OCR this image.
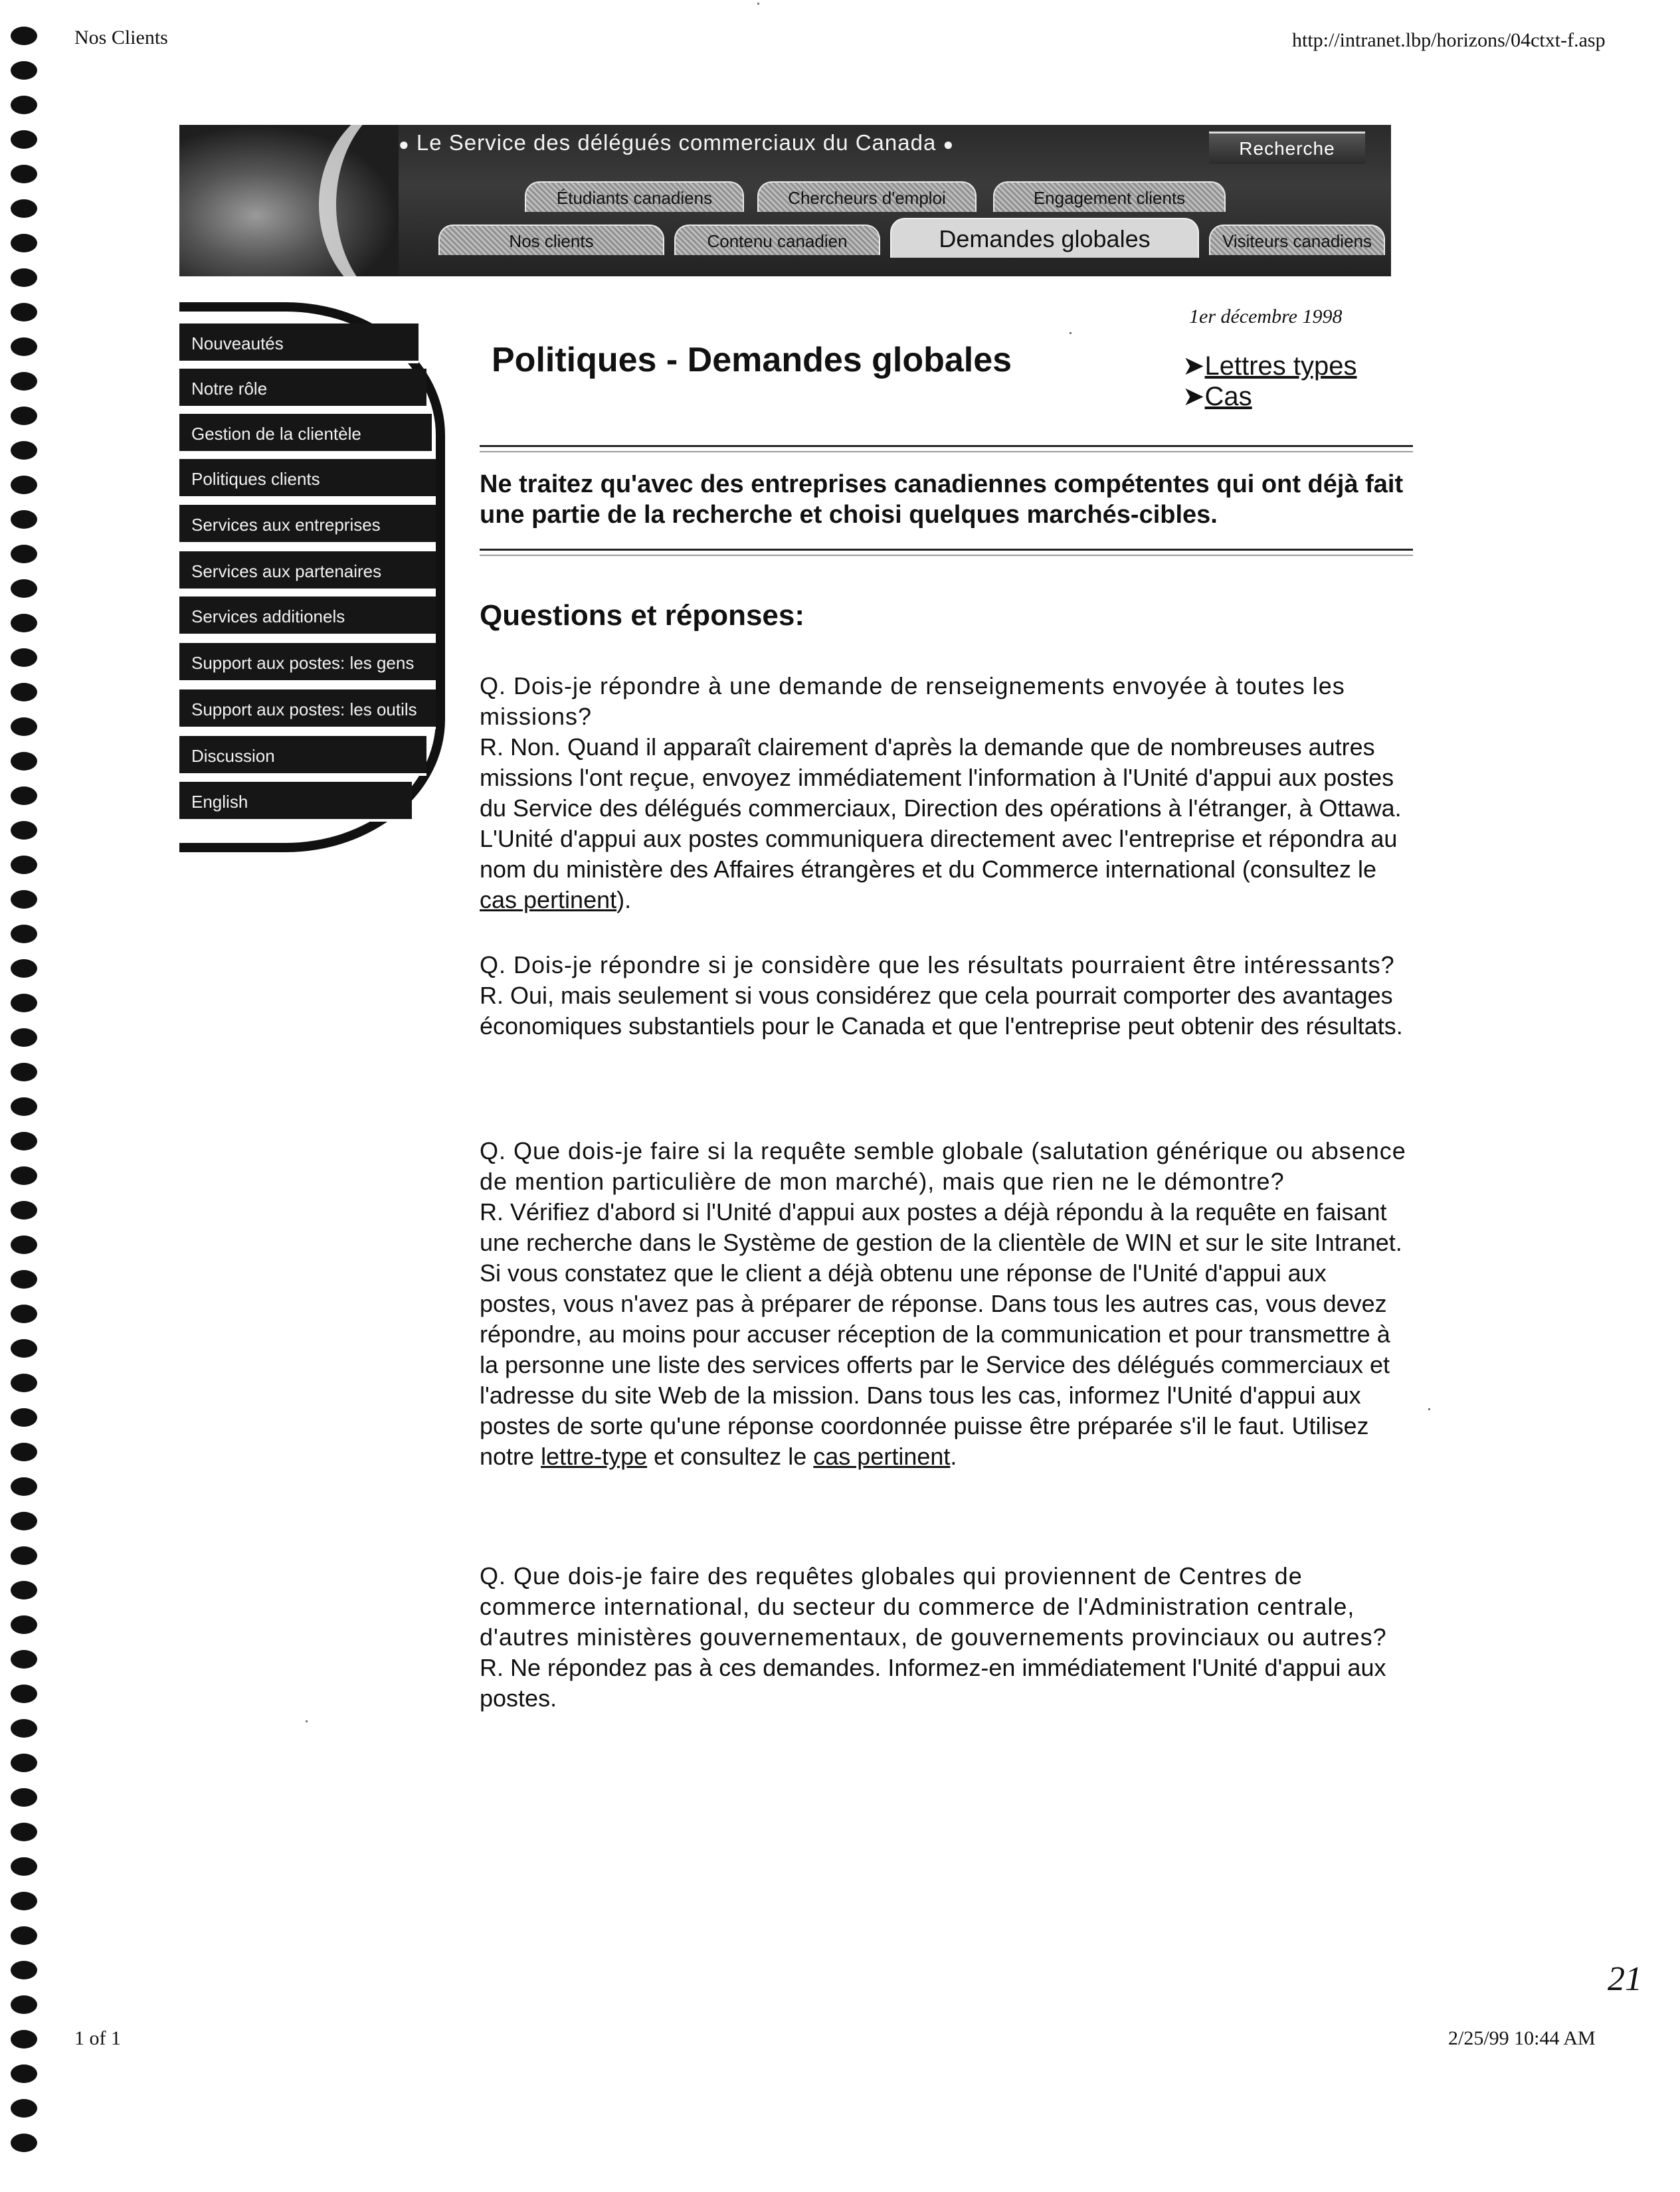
Nos Clients	http://intranet.lbp/horizons/04ctxt-f.asp
● Le Service des délégués commerciaux du Canada ●	Recherche
Étudiants canadiens	Chercheurs d'emploi	Engagement clients
Nos clients	Contenu canadien	Demandes globales	Visiteurs canadiens
Nouveautés
Notre rôle
Gestion de la clientèle
Politiques clients
Services aux entreprises
Services aux partenaires
Services additionels
Support aux postes: les gens
Support aux postes: les outils
Discussion
English
1er décembre 1998
Politiques - Demandes globales	➤Lettres types
➤Cas
Ne traitez qu'avec des entreprises canadiennes compétentes qui ont déjà fait une partie de la recherche et choisi quelques marchés-cibles.
Questions et réponses:
Q. Dois-je répondre à une demande de renseignements envoyée à toutes les missions?
R. Non. Quand il apparaît clairement d'après la demande que de nombreuses autres missions l'ont reçue, envoyez immédiatement l'information à l'Unité d'appui aux postes du Service des délégués commerciaux, Direction des opérations à l'étranger, à Ottawa. L'Unité d'appui aux postes communiquera directement avec l'entreprise et répondra au nom du ministère des Affaires étrangères et du Commerce international (consultez le cas pertinent).
Q. Dois-je répondre si je considère que les résultats pourraient être intéressants?
R. Oui, mais seulement si vous considérez que cela pourrait comporter des avantages économiques substantiels pour le Canada et que l'entreprise peut obtenir des résultats.
Q. Que dois-je faire si la requête semble globale (salutation générique ou absence de mention particulière de mon marché), mais que rien ne le démontre?
R. Vérifiez d'abord si l'Unité d'appui aux postes a déjà répondu à la requête en faisant une recherche dans le Système de gestion de la clientèle de WIN et sur le site Intranet. Si vous constatez que le client a déjà obtenu une réponse de l'Unité d'appui aux postes, vous n'avez pas à préparer de réponse. Dans tous les autres cas, vous devez répondre, au moins pour accuser réception de la communication et pour transmettre à la personne une liste des services offerts par le Service des délégués commerciaux et l'adresse du site Web de la mission. Dans tous les cas, informez l'Unité d'appui aux postes de sorte qu'une réponse coordonnée puisse être préparée s'il le faut. Utilisez notre lettre-type et consultez le cas pertinent.
Q. Que dois-je faire des requêtes globales qui proviennent de Centres de commerce international, du secteur du commerce de l'Administration centrale, d'autres ministères gouvernementaux, de gouvernements provinciaux ou autres?
R. Ne répondez pas à ces demandes. Informez-en immédiatement l'Unité d'appui aux postes.
1 of 1
21
2/25/99 10:44 AM
